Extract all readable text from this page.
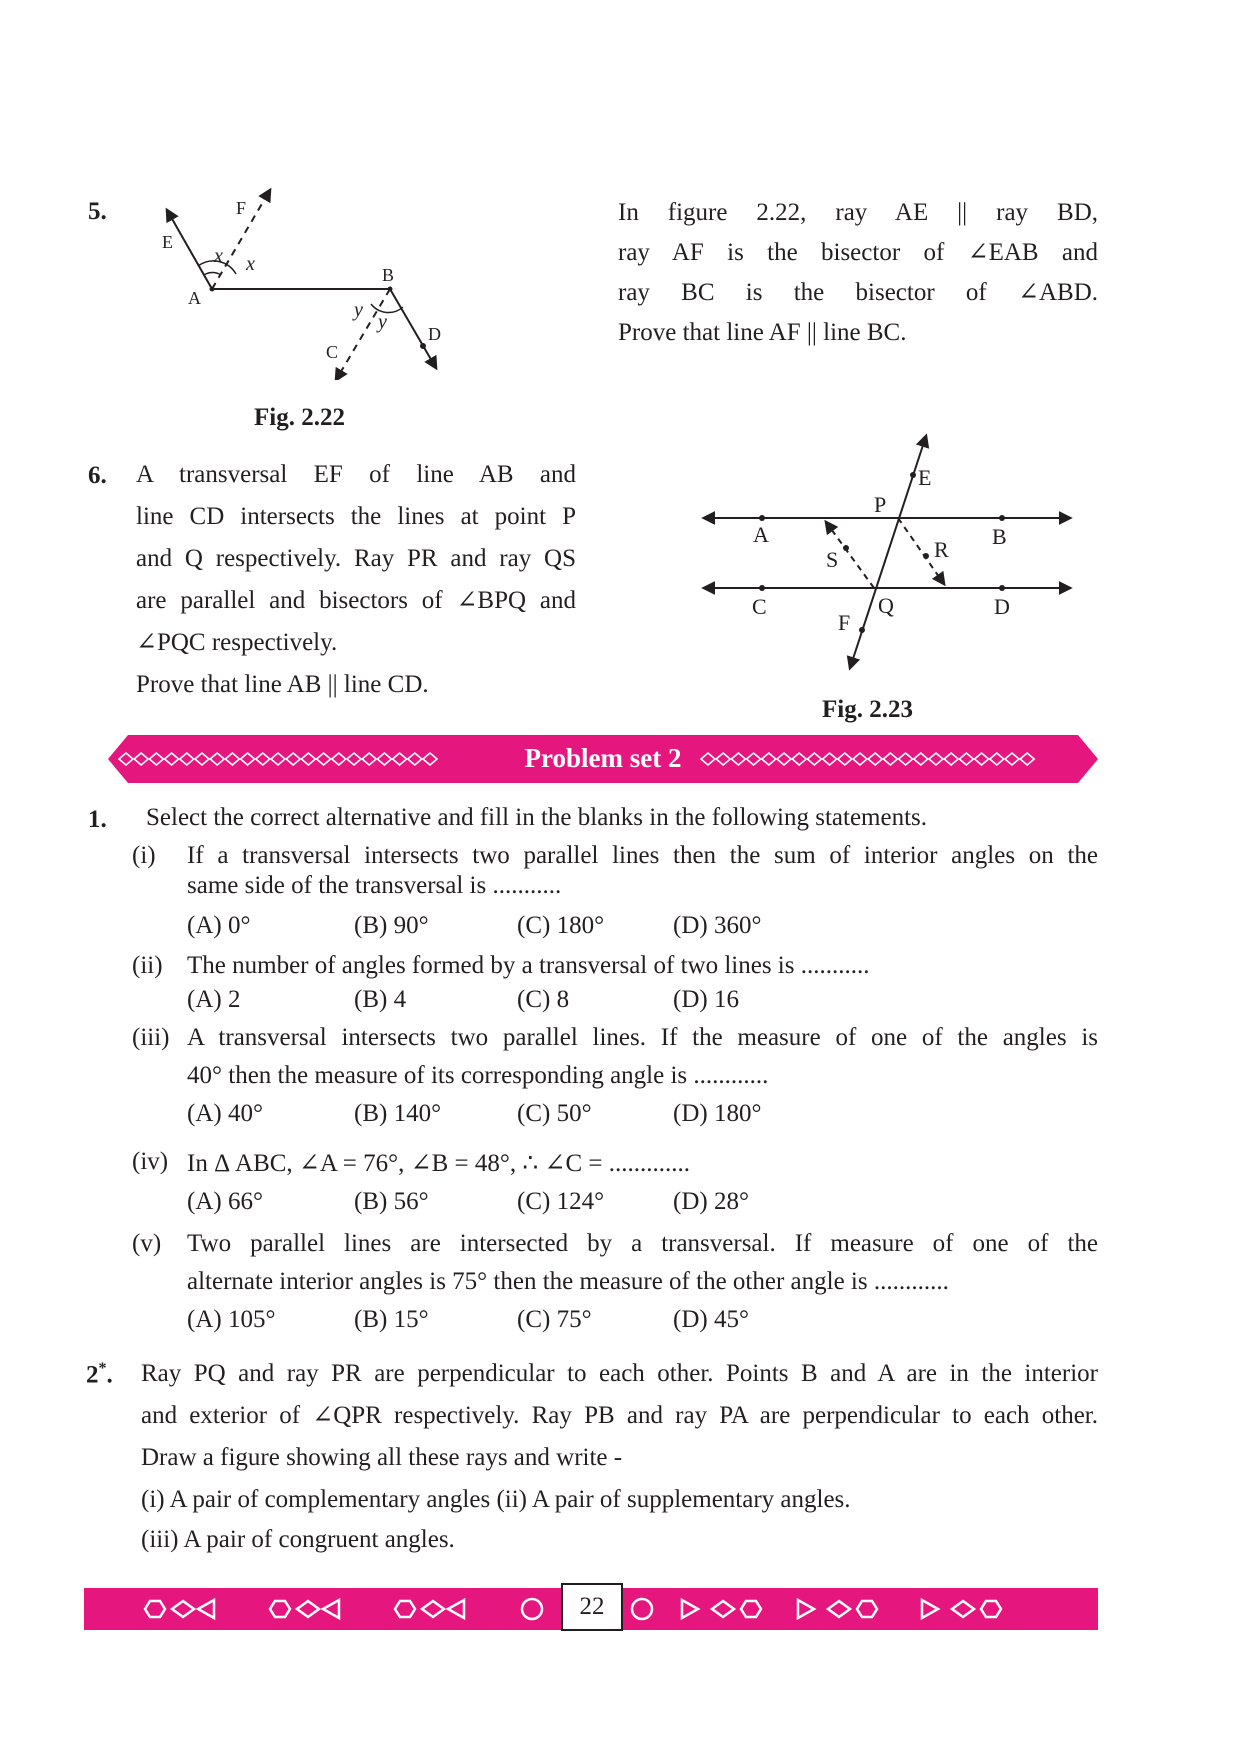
5.
E
F
A
B
C
D
x x
y
y
Fig. 2.22
In figure 2.22, ray AE || ray BD,
ray AF is the bisector of ∠EAB and
ray BC is the bisector of ∠ABD.
Prove that line AF || line BC.
6. A transversal EF of line AB and
line CD intersects the lines at point P
and Q respectively. Ray PR and ray QS
are parallel and bisectors of ∠BPQ and
∠PQC respectively.
Prove that line AB || line CD.
E
P
A	B
S	R
C	Q	D
F
Fig. 2.23
Problem set 2
1. Select the correct alternative and fill in the blanks in the following statements.
(i) If a transversal intersects two parallel lines then the sum of interior angles on the
same side of the transversal is ...........
(A) 0°	(B) 90°	(C) 180°	(D) 360°
(ii) The number of angles formed by a transversal of two lines is ...........
(A) 2	(B) 4	(C) 8	(D) 16
(iii) A transversal intersects two parallel lines. If the measure of one of the angles is
40° then the measure of its corresponding angle is ............
(A) 40°	(B) 140°	(C) 50°	(D) 180°
(iv) In Δ ABC, ∠A = 76°, ∠B = 48°, ∴ ∠C = .............
(A) 66°	(B) 56°	(C) 124°	(D) 28°
(v) Two parallel lines are intersected by a transversal. If measure of one of the
alternate interior angles is 75° then the measure of the other angle is ............
(A) 105°	(B) 15°	(C) 75°	(D) 45°
2*. Ray PQ and ray PR are perpendicular to each other. Points B and A are in the interior
and exterior of ∠QPR respectively. Ray PB and ray PA are perpendicular to each other.
Draw a figure showing all these rays and write -
(i) A pair of complementary angles (ii) A pair of supplementary angles.
(iii) A pair of congruent angles.
22
